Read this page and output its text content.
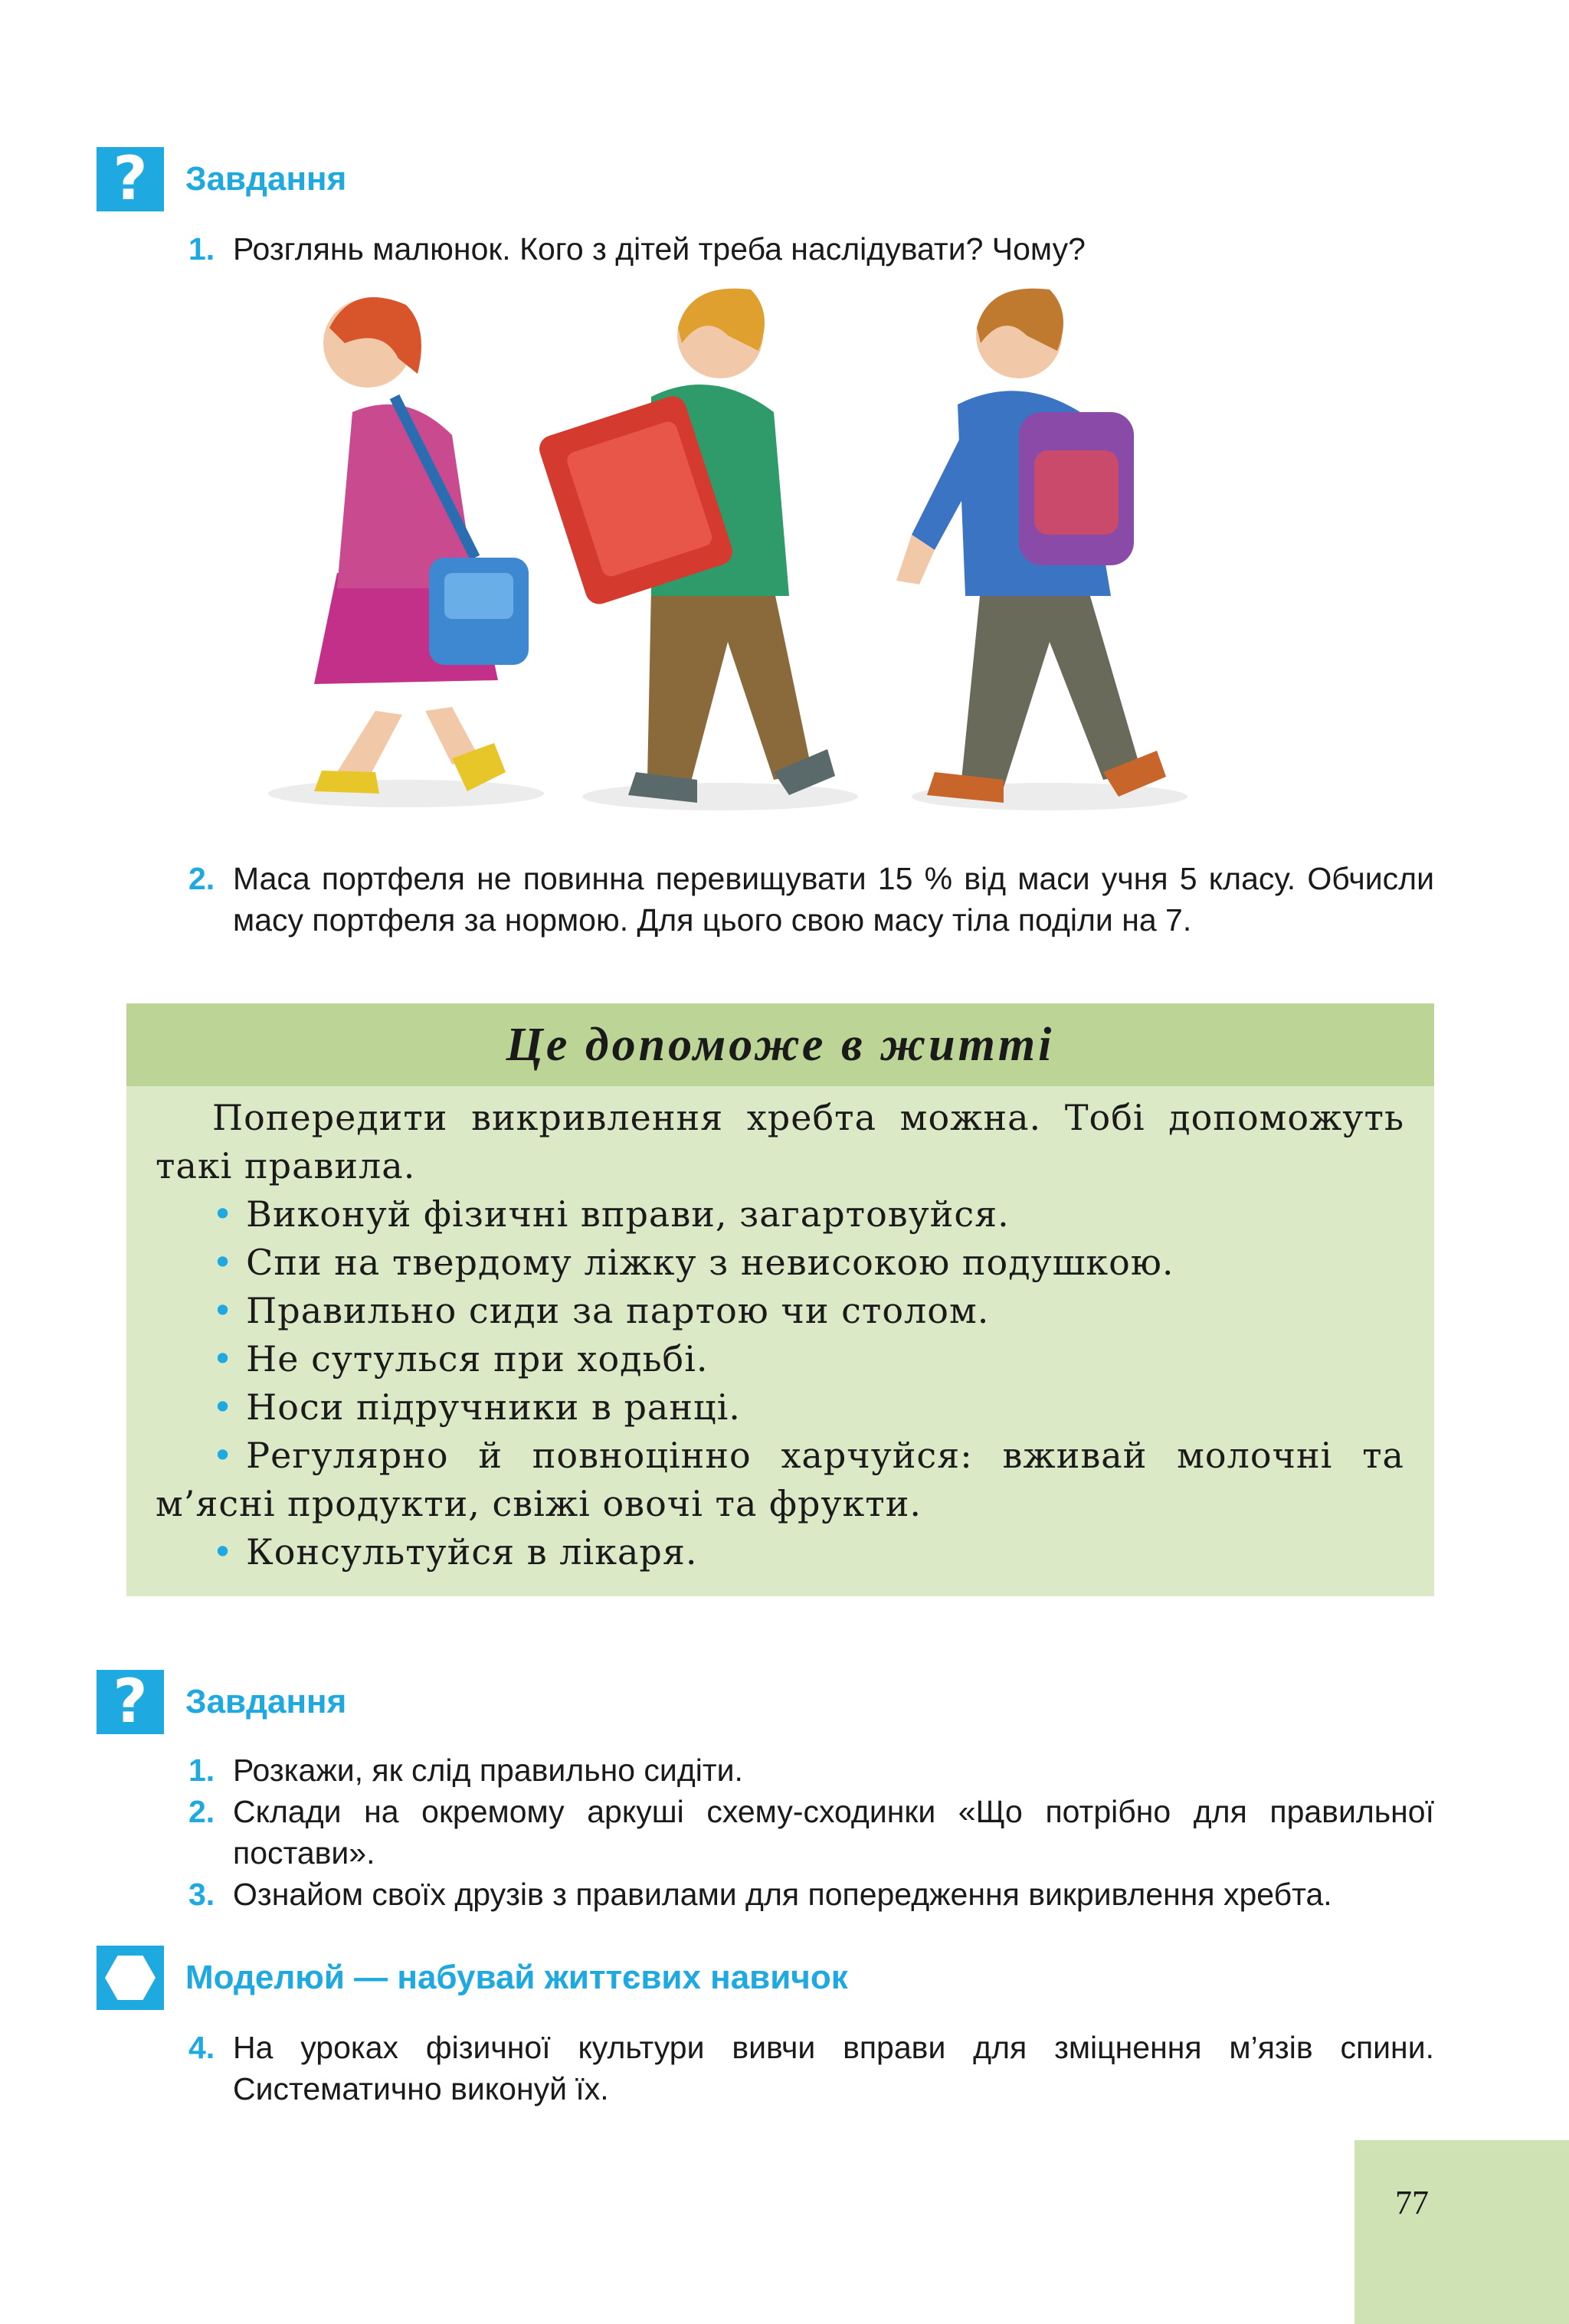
?	Завдання
1. Розглянь малюнок. Кого з дітей треба наслідувати? Чому?
2. Маса портфеля не повинна перевищувати 15 % від маси учня 5 класу. Обчисли масу портфеля за нормою. Для цього свою масу тіла поділи на 7.
Це допоможе в житті

Попередити викривлення хребта можна. Тобі допоможуть такі правила.

• Виконуй фізичні вправи, загартовуйся.

• Спи на твердому ліжку з невисокою подушкою.

• Правильно сиди за партою чи столом.

• Не сутулься при ходьбі.

• Носи підручники в ранці.

• Регулярно й повноцінно харчуйся: вживай молочні та м’ясні продукти, свіжі овочі та фрукти.

• Консультуйся в лікаря.

?	Завдання
1. Розкажи, як слід правильно сидіти.
2. Склади на окремому аркуші схему-сходинки «Що потрібно для правильної постави».
3. Ознайом своїх друзів з правилами для попередження викривлення хребта.
Моделюй — набувай життєвих навичок
4. На уроках фізичної культури вивчи вправи для зміцнення м’язів спини. Систематично виконуй їх.
77
